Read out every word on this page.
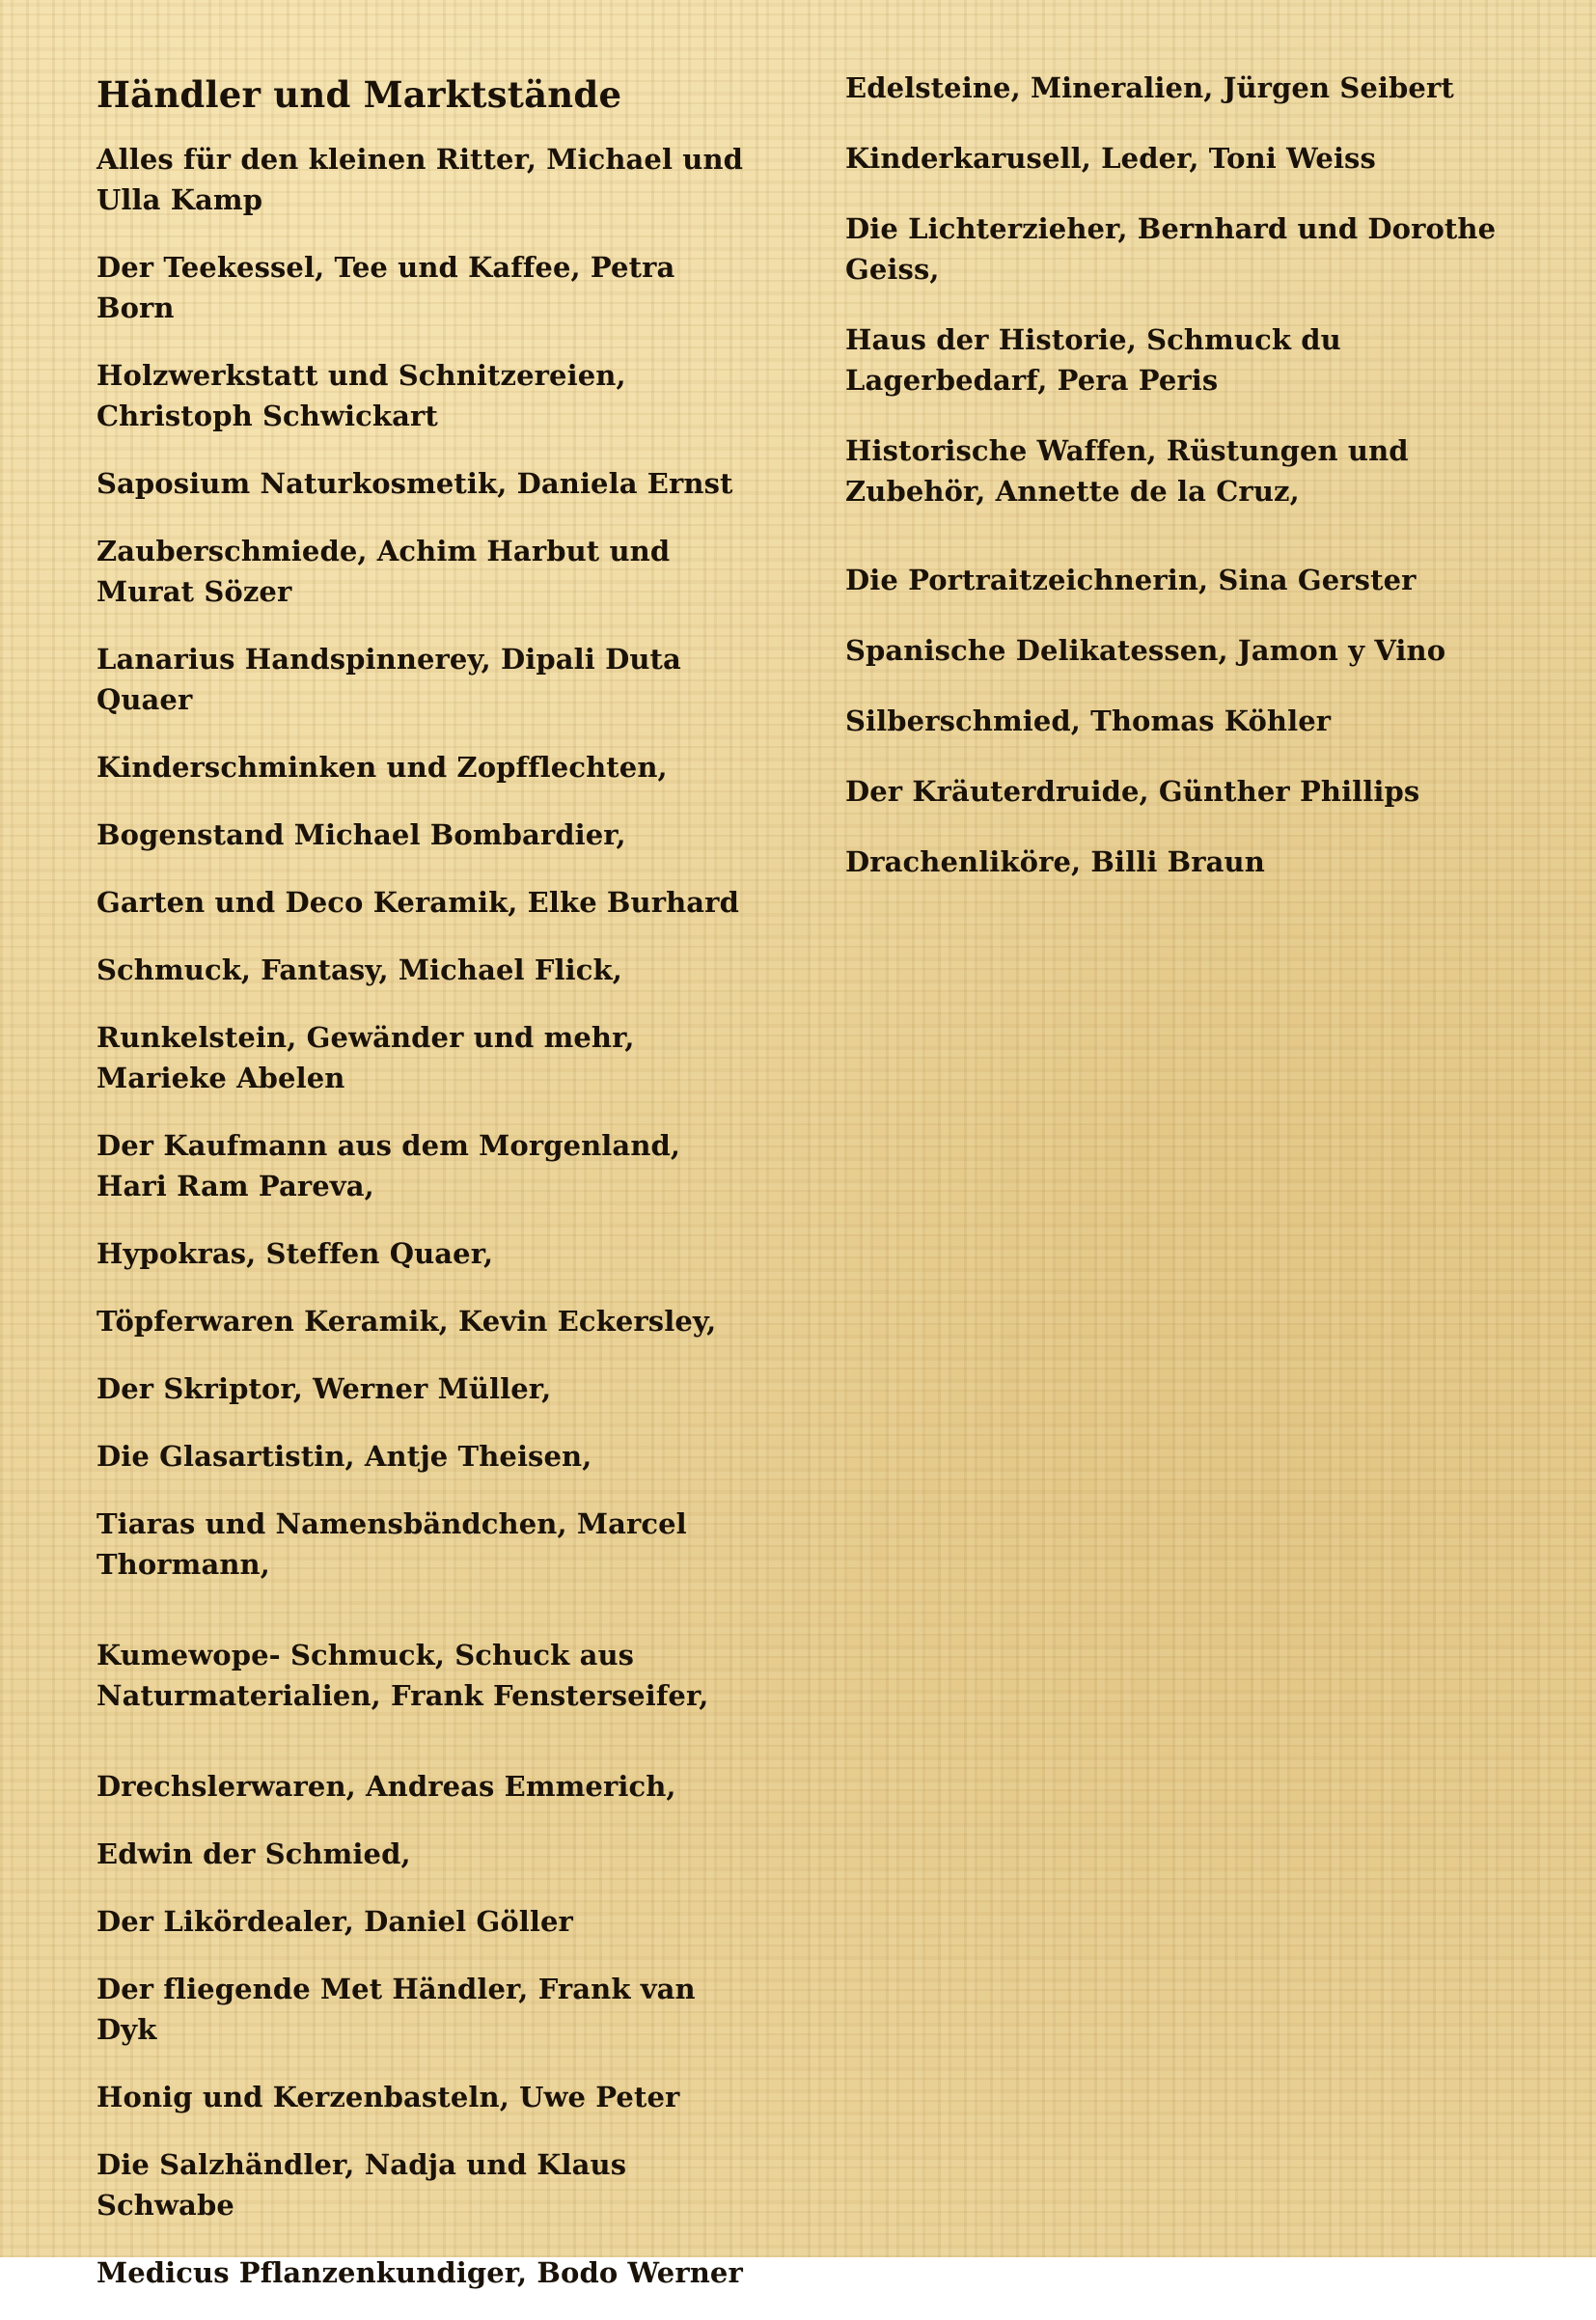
Händler und Marktstände
Alles für den kleinen Ritter, Michael und Ulla Kamp
Der Teekessel, Tee und Kaffee, Petra Born
Holzwerkstatt und Schnitzereien, Christoph Schwickart
Saposium Naturkosmetik, Daniela Ernst
Zauberschmiede, Achim Harbut und Murat Sözer
Lanarius Handspinnerey, Dipali Duta Quaer
Kinderschminken und Zopfflechten,
Bogenstand Michael Bombardier,
Garten und Deco Keramik, Elke Burhard
Schmuck, Fantasy, Michael Flick,
Runkelstein, Gewänder und mehr, Marieke Abelen
Der Kaufmann aus dem Morgenland, Hari Ram Pareva,
Hypokras, Steffen Quaer,
Töpferwaren Keramik, Kevin Eckersley,
Der Skriptor, Werner Müller,
Die Glasartistin, Antje Theisen,
Tiaras und Namensbändchen, Marcel Thormann,
Kumewope- Schmuck, Schuck aus Naturmaterialien, Frank Fensterseifer,
Drechslerwaren, Andreas Emmerich,
Edwin der Schmied,
Der Likördealer, Daniel Göller
Der fliegende Met Händler, Frank van Dyk
Honig und Kerzenbasteln, Uwe Peter
Die Salzhändler, Nadja und Klaus Schwabe
Medicus Pflanzenkundiger, Bodo Werner
Edelsteine, Mineralien, Jürgen Seibert
Kinderkarusell, Leder, Toni Weiss
Die Lichterzieher, Bernhard und Dorothe Geiss,
Haus der Historie, Schmuck du Lagerbedarf, Pera Peris
Historische Waffen, Rüstungen und Zubehör, Annette de la Cruz,
Die Portraitzeichnerin, Sina Gerster
Spanische Delikatessen, Jamon y Vino
Silberschmied, Thomas Köhler
Der Kräuterdruide, Günther Phillips
Drachenliköre, Billi Braun
